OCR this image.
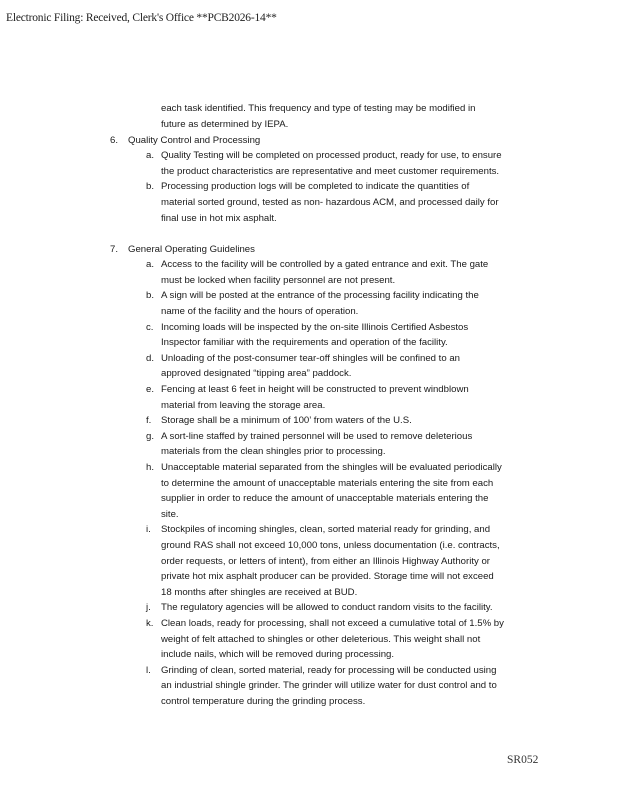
Electronic Filing: Received, Clerk's Office **PCB2026-14**
each task identified. This frequency and type of testing may be modified in
future as determined by IEPA.
6. Quality Control and Processing
a. Quality Testing will be completed on processed product, ready for use, to ensure
the product characteristics are representative and meet customer requirements.
b. Processing production logs will be completed to indicate the quantities of
material sorted ground, tested as non- hazardous ACM, and processed daily for
final use in hot mix asphalt.
7. General Operating Guidelines
a. Access to the facility will be controlled by a gated entrance and exit. The gate
must be locked when facility personnel are not present.
b. A sign will be posted at the entrance of the processing facility indicating the
name of the facility and the hours of operation.
c. Incoming loads will be inspected by the on-site Illinois Certified Asbestos
Inspector familiar with the requirements and operation of the facility.
d. Unloading of the post-consumer tear-off shingles will be confined to an
approved designated “tipping area” paddock.
e. Fencing at least 6 feet in height will be constructed to prevent windblown
material from leaving the storage area.
f. Storage shall be a minimum of 100’ from waters of the U.S.
g. A sort-line staffed by trained personnel will be used to remove deleterious
materials from the clean shingles prior to processing.
h. Unacceptable material separated from the shingles will be evaluated periodically
to determine the amount of unacceptable materials entering the site from each
supplier in order to reduce the amount of unacceptable materials entering the
site.
i. Stockpiles of incoming shingles, clean, sorted material ready for grinding, and
ground RAS shall not exceed 10,000 tons, unless documentation (i.e. contracts,
order requests, or letters of intent), from either an Illinois Highway Authority or
private hot mix asphalt producer can be provided. Storage time will not exceed
18 months after shingles are received at BUD.
j. The regulatory agencies will be allowed to conduct random visits to the facility.
k. Clean loads, ready for processing, shall not exceed a cumulative total of 1.5% by
weight of felt attached to shingles or other deleterious. This weight shall not
include nails, which will be removed during processing.
l. Grinding of clean, sorted material, ready for processing will be conducted using
an industrial shingle grinder. The grinder will utilize water for dust control and to
control temperature during the grinding process.
SR052
